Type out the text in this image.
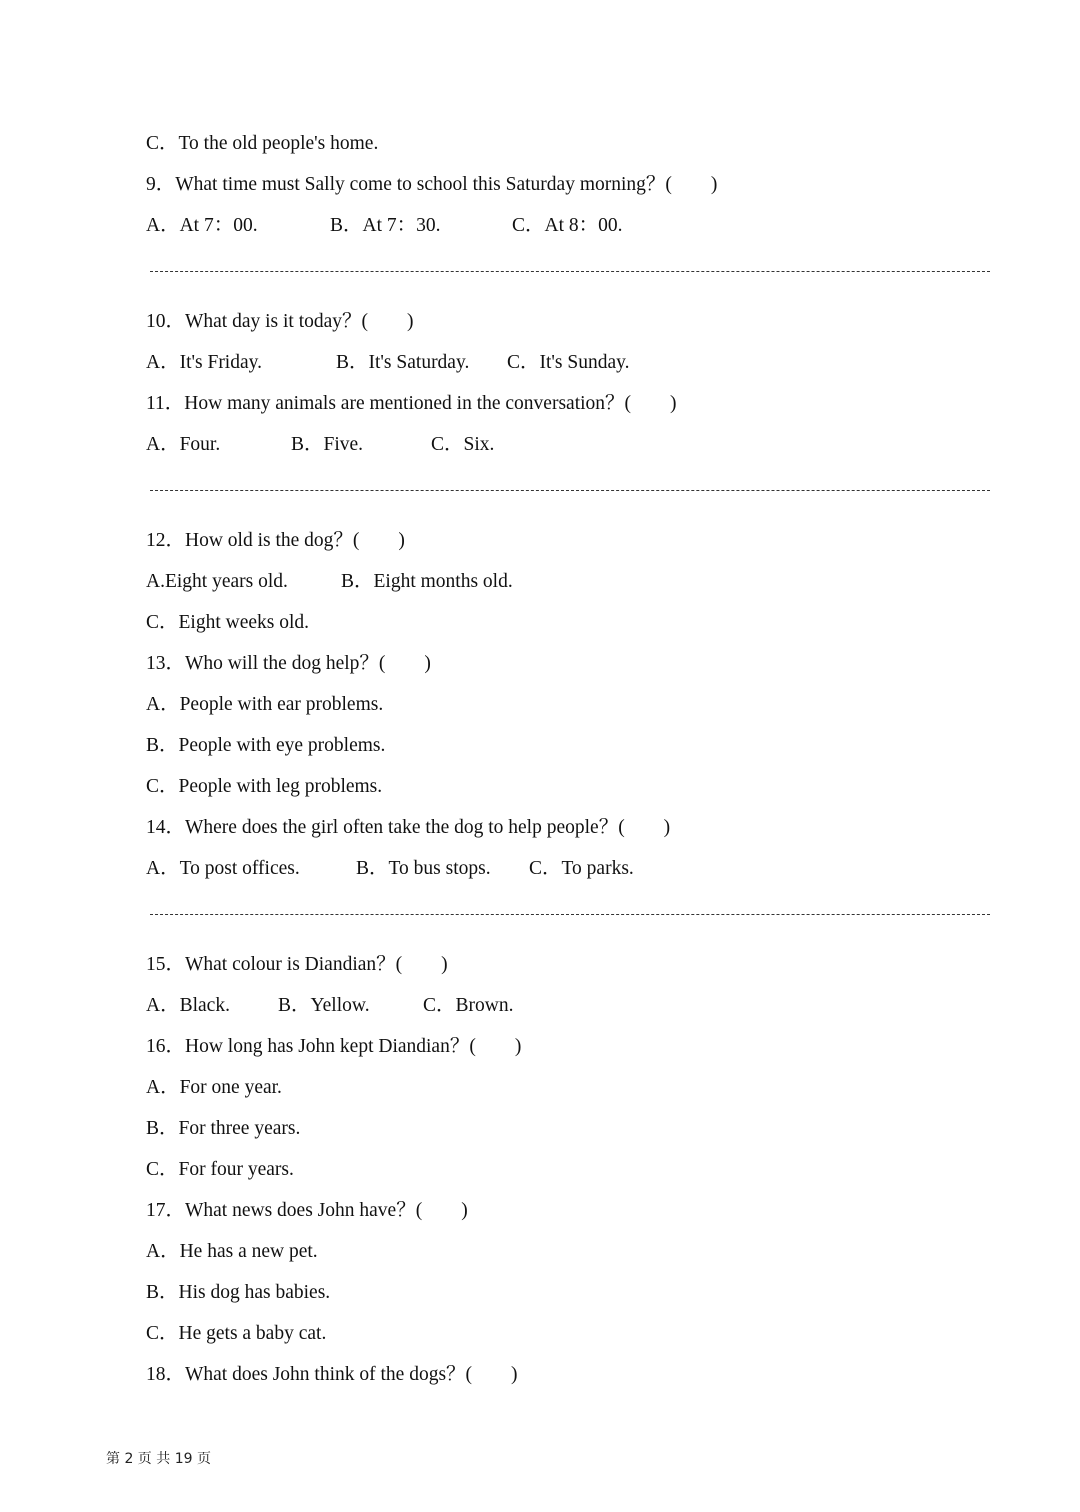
C．To the old people's home.
9．What time must Sally come to school this Saturday morning？(　　)

A．At 7：00.

	B．At 7：30.

	C．At 8：00.

10．What day is it today？(　　)

A．It's Friday.

	B．It's Saturday.

C．It's Sunday.

11．How many animals are mentioned in the conversation？(　　)

A．Four.

	B．Five.

	C．Six.

12．How old is the dog？(　　)

A.Eight years old.

	B．Eight months old.

C．Eight weeks old.
13．Who will the dog help？(　　)
A．People with ear problems.
B．People with eye problems.
C．People with leg problems.
14．Where does the girl often take the dog to help people？(　　)

A．To post offices.

	B．To bus stops.

C．To parks.

15．What colour is Diandian？(　　)

A．Black.

B．Yellow.

	C．Brown.

16．How long has John kept Diandian？(　　)
A．For one year.
B．For three years.
C．For four years.
17．What news does John have？(　　)
A．He has a new pet.
B．His dog has babies.
C．He gets a baby cat.
18．What does John think of the dogs？(　　)
第 2 页 共 19 页
